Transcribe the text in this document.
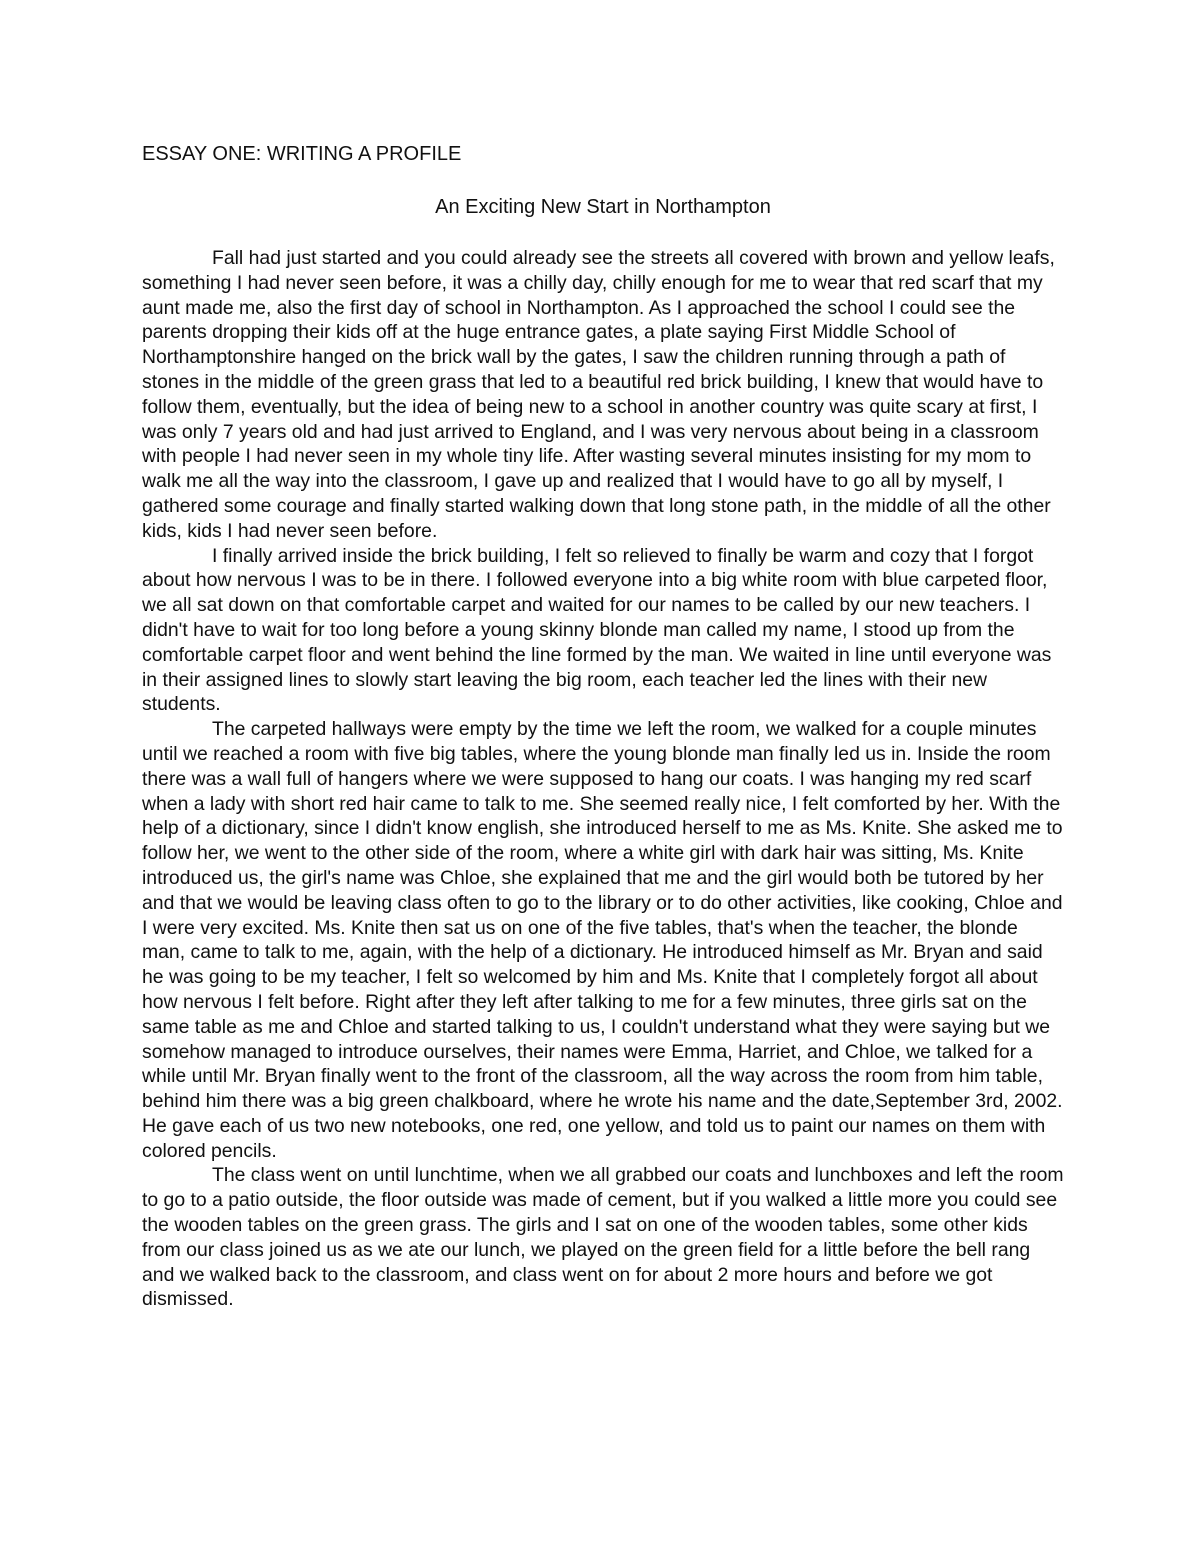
ESSAY ONE: WRITING A PROFILE
An Exciting New Start in Northampton

Fall had just started and you could already see the streets all covered with brown and yellow leafs, something I had never seen before, it was a chilly day, chilly enough for me to wear that red scarf that my aunt made me, also the first day of school in Northampton. As I approached the school I could see the parents dropping their kids off at the huge entrance gates, a plate saying First Middle School of Northamptonshire hanged on the brick wall by the gates, I saw the children running through a path of stones in the middle of the green grass that led to a beautiful red brick building, I knew that would have to follow them, eventually, but the idea of being new to a school in another country was quite scary at first, I was only 7 years old and had just arrived to England, and I was very nervous about being in a classroom with people I had never seen in my whole tiny life. After wasting several minutes insisting for my mom to walk me all the way into the classroom, I gave up and realized that I would have to go all by myself, I gathered some courage and finally started walking down that long stone path, in the middle of all the other kids, kids I had never seen before.

I finally arrived inside the brick building, I felt so relieved to finally be warm and cozy that I forgot about how nervous I was to be in there. I followed everyone into a big white room with blue carpeted floor, we all sat down on that comfortable carpet and waited for our names to be called by our new teachers. I didn't have to wait for too long before a young skinny blonde man called my name, I stood up from the comfortable carpet floor and went behind the line formed by the man. We waited in line until everyone was in their assigned lines to slowly start leaving the big room, each teacher led the lines with their new students.

The carpeted hallways were empty by the time we left the room, we walked for a couple minutes until we reached a room with five big tables, where the young blonde man finally led us in. Inside the room there was a wall full of hangers where we were supposed to hang our coats. I was hanging my red scarf when a lady with short red hair came to talk to me. She seemed really nice, I felt comforted by her. With the help of a dictionary, since I didn't know english, she introduced herself to me as Ms. Knite. She asked me to follow her, we went to the other side of the room, where a white girl with dark hair was sitting, Ms. Knite introduced us, the girl's name was Chloe, she explained that me and the girl would both be tutored by her and that we would be leaving class often to go to the library or to do other activities, like cooking, Chloe and I were very excited. Ms. Knite then sat us on one of the five tables, that's when the teacher, the blonde man, came to talk to me, again, with the help of a dictionary. He introduced himself as Mr. Bryan and said he was going to be my teacher, I felt so welcomed by him and Ms. Knite that I completely forgot all about how nervous I felt before. Right after they left after talking to me for a few minutes, three girls sat on the same table as me and Chloe and started talking to us, I couldn't understand what they were saying but we somehow managed to introduce ourselves, their names were Emma, Harriet, and Chloe, we talked for a while until Mr. Bryan finally went to the front of the classroom, all the way across the room from him table, behind him there was a big green chalkboard, where he wrote his name and the date,September 3rd, 2002. He gave each of us two new notebooks, one red, one yellow, and told us to paint our names on them with colored pencils.

The class went on until lunchtime, when we all grabbed our coats and lunchboxes and left the room to go to a patio outside, the floor outside was made of cement, but if you walked a little more you could see the wooden tables on the green grass. The girls and I sat on one of the wooden tables, some other kids from our class joined us as we ate our lunch, we played on the green field for a little before the bell rang and we walked back to the classroom, and class went on for about 2 more hours and before we got dismissed.
